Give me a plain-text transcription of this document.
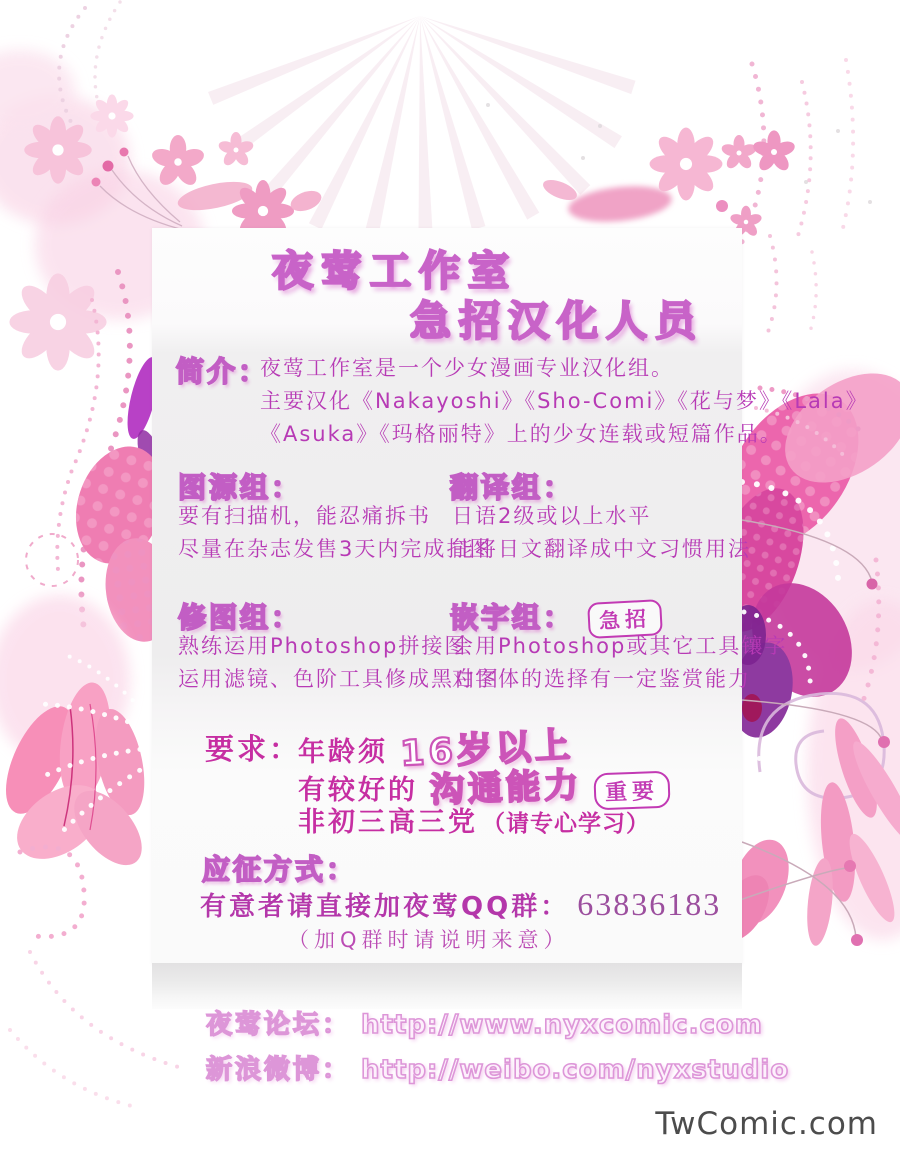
夜莺工作室
急招汉化人员
简介：
夜莺工作室是一个少女漫画专业汉化组。
主要汉化《Nakayoshi》《Sho-Comi》《花与梦》《Lala》
《Asuka》《玛格丽特》上的少女连载或短篇作品。
图源组：
要有扫描机，能忍痛拆书
尽量在杂志发售3天内完成扫图
翻译组：
日语2级或以上水平
能将日文翻译成中文习惯用法
修图组：
熟练运用Photoshop拼接图
运用滤镜、色阶工具修成黑白图
嵌字组：	急招
会用Photoshop或其它工具镶字
对字体的选择有一定鉴赏能力
要求：
年龄须 16岁以上
有较好的 沟通能力 重要
非初三高三党 （请专心学习）
应征方式：
有意者请直接加夜莺QQ群： 63836183
（加Q群时请说明来意）
夜莺论坛： http://www.nyxcomic.com
新浪微博： http://weibo.com/nyxstudio
TwComic.com
